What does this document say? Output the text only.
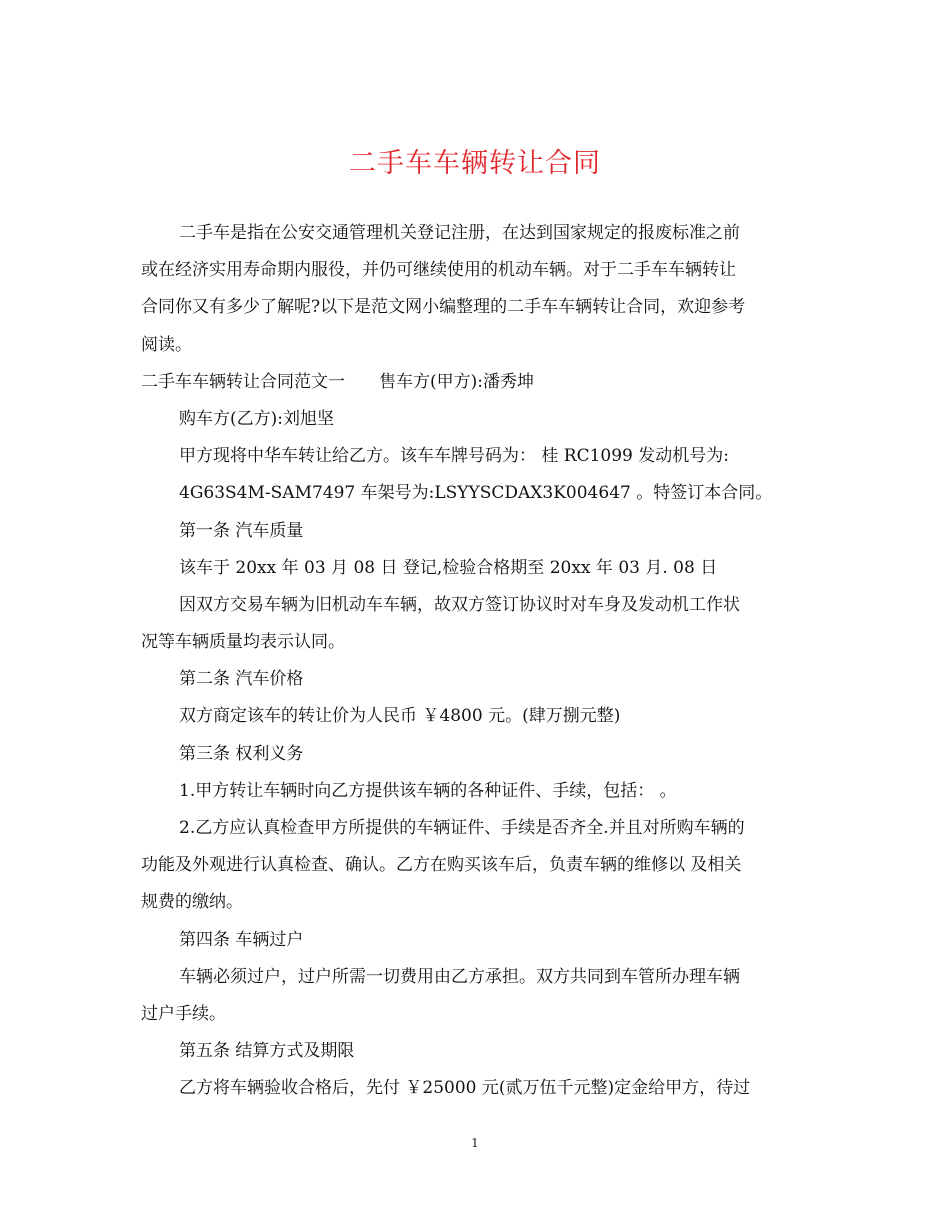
二手车车辆转让合同
二手车是指在公安交通管理机关登记注册，在达到国家规定的报废标准之前
或在经济实用寿命期内服役，并仍可继续使用的机动车辆。对于二手车车辆转让
合同你又有多少了解呢?以下是范文网小编整理的二手车车辆转让合同，欢迎参考
阅读。
二手车车辆转让合同范文一　　售车方(甲方):潘秀坤
购车方(乙方):刘旭坚
甲方现将中华车转让给乙方。该车车牌号码为： 桂 RC1099 发动机号为:
4G63S4M-SAM7497 车架号为:LSYYSCDAX3K004647 。特签订本合同。
第一条 汽车质量
该车于 20xx 年 03 月 08 日 登记,检验合格期至 20xx 年 03 月. 08 日
因双方交易车辆为旧机动车车辆，故双方签订协议时对车身及发动机工作状
况等车辆质量均表示认同。
第二条 汽车价格
双方商定该车的转让价为人民币 ￥4800 元。(肆万捌元整)
第三条 权利义务
1.甲方转让车辆时向乙方提供该车辆的各种证件、手续，包括： 。
2.乙方应认真检查甲方所提供的车辆证件、手续是否齐全.并且对所购车辆的
功能及外观进行认真检查、确认。乙方在购买该车后，负责车辆的维修以 及相关
规费的缴纳。
第四条 车辆过户
车辆必须过户，过户所需一切费用由乙方承担。双方共同到车管所办理车辆
过户手续。
第五条 结算方式及期限
乙方将车辆验收合格后，先付 ￥25000 元(贰万伍千元整)定金给甲方，待过
1
